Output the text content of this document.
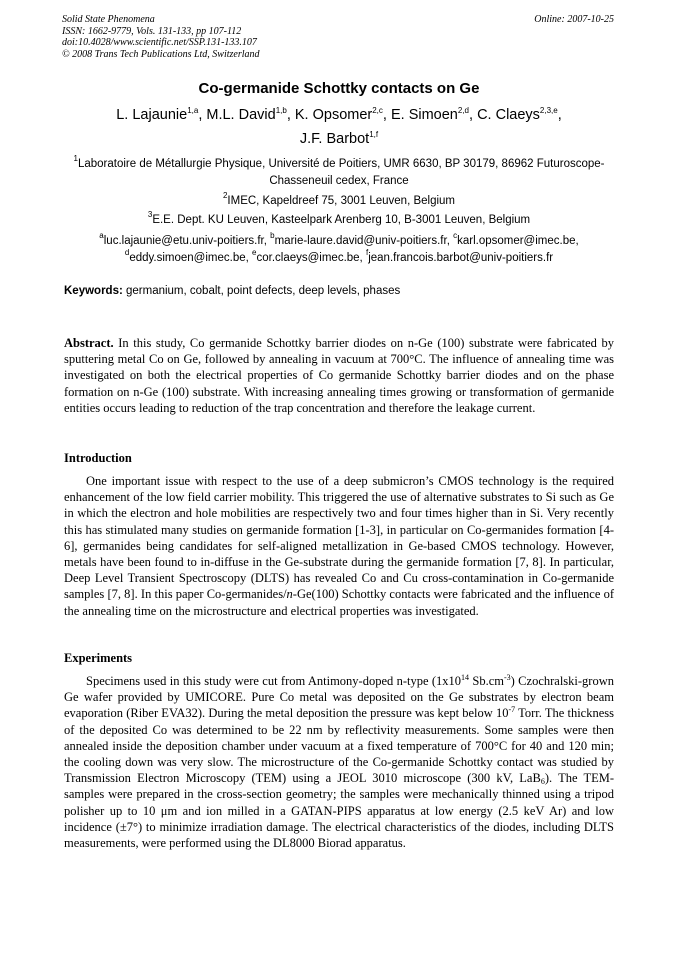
Solid State Phenomena
ISSN: 1662-9779, Vols. 131-133, pp 107-112
doi:10.4028/www.scientific.net/SSP.131-133.107
© 2008 Trans Tech Publications Ltd, Switzerland
Online: 2007-10-25
Co-germanide Schottky contacts on Ge
L. Lajaunie$^{1,a}$, M.L. David$^{1,b}$, K. Opsomer$^{2,c}$, E. Simoen$^{2,d}$, C. Claeys$^{2,3,e}$,
J.F. Barbot$^{1,f}$
$^1$Laboratoire de Métallurgie Physique, Université de Poitiers, UMR 6630, BP 30179, 86962 Futuroscope-Chasseneuil cedex, France
$^2$IMEC, Kapeldreef 75, 3001 Leuven, Belgium
$^3$E.E. Dept. KU Leuven, Kasteelpark Arenberg 10, B-3001 Leuven, Belgium
$^a$luc.lajaunie@etu.univ-poitiers.fr, $^b$marie-laure.david@univ-poitiers.fr, $^c$karl.opsomer@imec.be,
$^d$eddy.simoen@imec.be, $^e$cor.claeys@imec.be, $^f$jean.francois.barbot@univ-poitiers.fr
Keywords: germanium, cobalt, point defects, deep levels, phases
Abstract. In this study, Co germanide Schottky barrier diodes on n-Ge (100) substrate were fabricated by sputtering metal Co on Ge, followed by annealing in vacuum at 700°C. The influence of annealing time was investigated on both the electrical properties of Co germanide Schottky barrier diodes and on the phase formation on n-Ge (100) substrate. With increasing annealing times growing or transformation of germanide entities occurs leading to reduction of the trap concentration and therefore the leakage current.
Introduction
One important issue with respect to the use of a deep submicron’s CMOS technology is the required enhancement of the low field carrier mobility. This triggered the use of alternative substrates to Si such as Ge in which the electron and hole mobilities are respectively two and four times higher than in Si. Very recently this has stimulated many studies on germanide formation [1-3], in particular on Co-germanides formation [4-6], germanides being candidates for self-aligned metallization in Ge-based CMOS technology. However, metals have been found to in-diffuse in the Ge-substrate during the germanide formation [7, 8]. In particular, Deep Level Transient Spectroscopy (DLTS) has revealed Co and Cu cross-contamination in Co-germanide samples [7, 8]. In this paper Co-germanides/n-Ge(100) Schottky contacts were fabricated and the influence of the annealing time on the microstructure and electrical properties was investigated.
Experiments
Specimens used in this study were cut from Antimony-doped n-type ($1x10^{14}$ $Sb.cm^{-3}$) Czochralski-grown Ge wafer provided by UMICORE. Pure Co metal was deposited on the Ge substrates by electron beam evaporation (Riber EVA32). During the metal deposition the pressure was kept below $10^{-7}$ Torr. The thickness of the deposited Co was determined to be 22 nm by reflectivity measurements. Some samples were then annealed inside the deposition chamber under vacuum at a fixed temperature of 700°C for 40 and 120 min; the cooling down was very slow. The microstructure of the Co-germanide Schottky contact was studied by Transmission Electron Microscopy (TEM) using a JEOL 3010 microscope (300 kV, LaB$_6$). The TEM-samples were prepared in the cross-section geometry; the samples were mechanically thinned using a tripod polisher up to 10 μm and ion milled in a GATAN-PIPS apparatus at low energy (2.5 keV Ar) and low incidence (±7°) to minimize irradiation damage. The electrical characteristics of the diodes, including DLTS measurements, were performed using the DL8000 Biorad apparatus.
